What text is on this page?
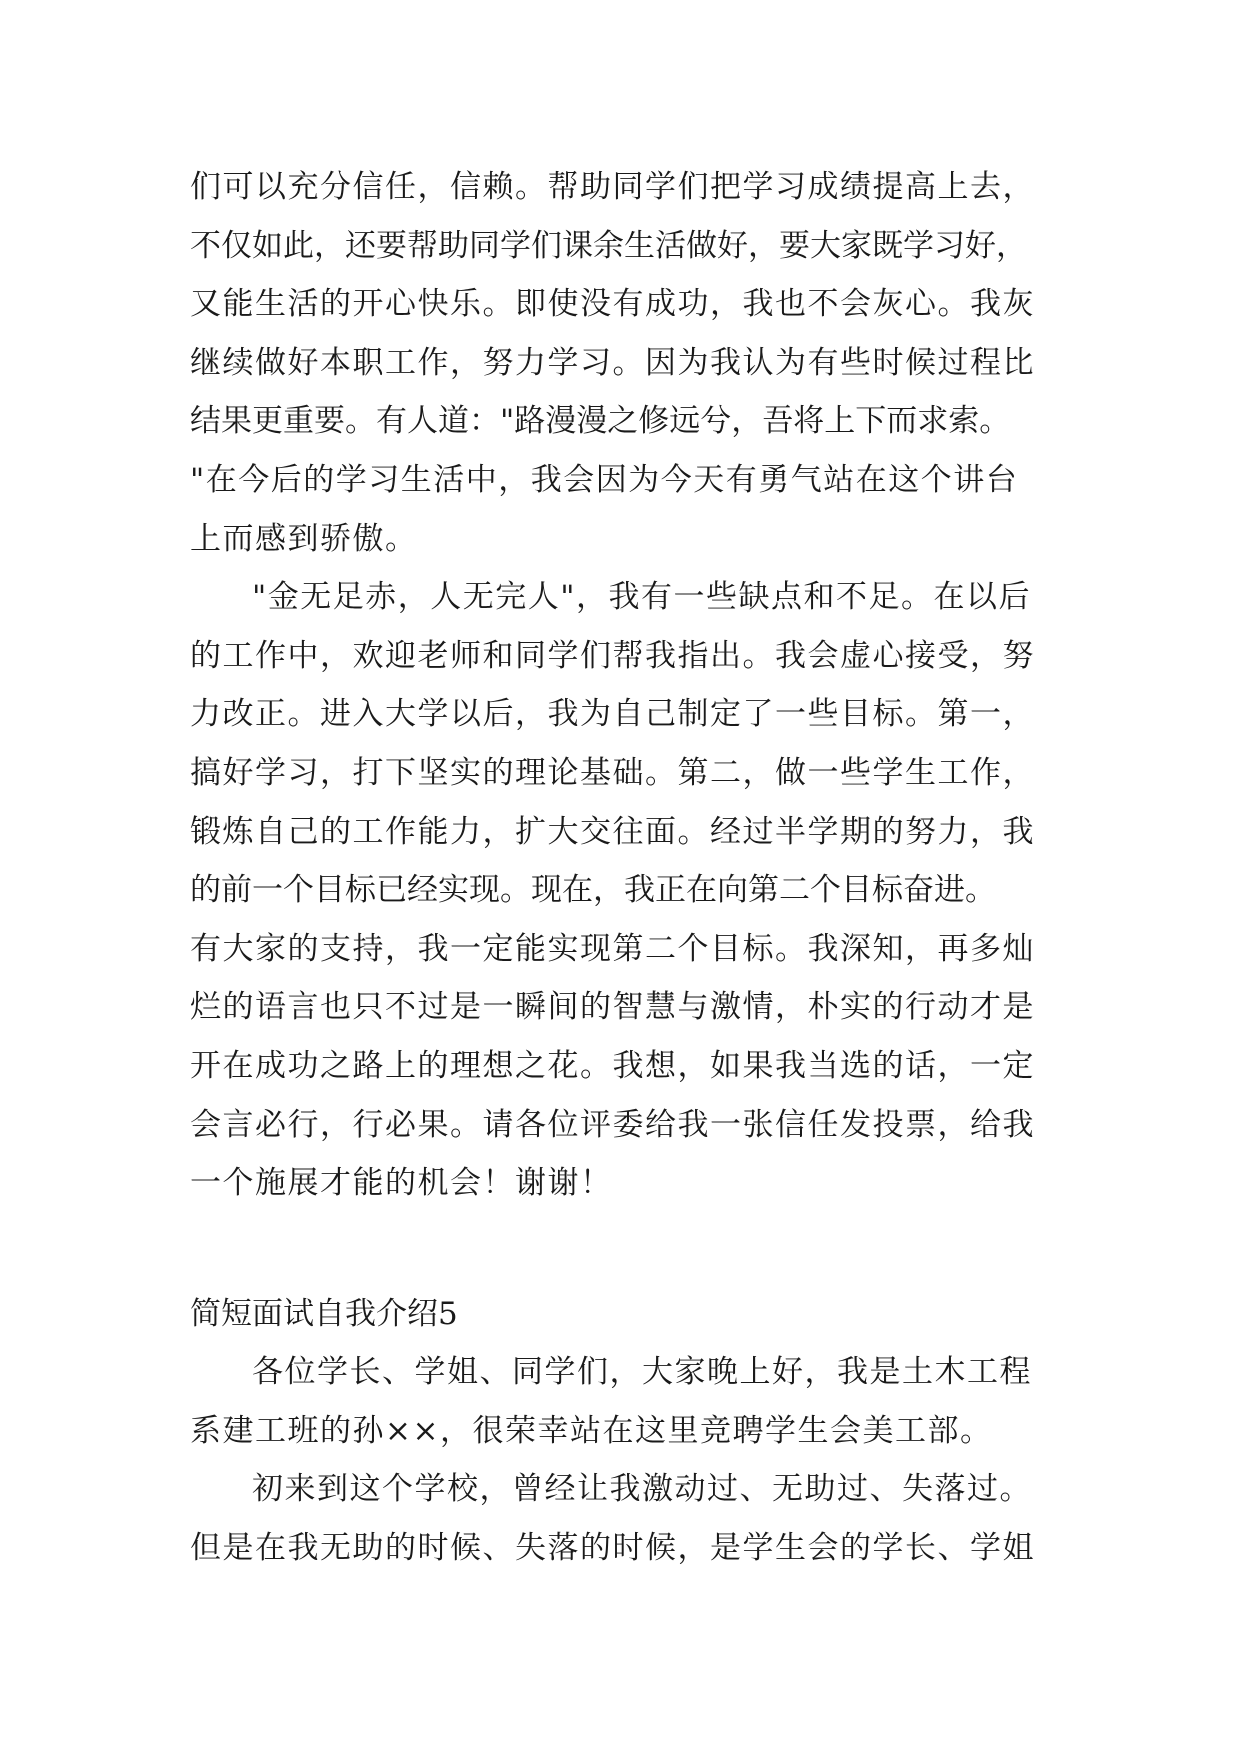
们可以充分信任，信赖。帮助同学们把学习成绩提高上去，
不仅如此，还要帮助同学们课余生活做好，要大家既学习好，
又能生活的开心快乐。即使没有成功，我也不会灰心。我灰
继续做好本职工作，努力学习。因为我认为有些时候过程比
结果更重要。有人道："路漫漫之修远兮，吾将上下而求索。
"在今后的学习生活中，我会因为今天有勇气站在这个讲台
上而感到骄傲。
"金无足赤，人无完人"，我有一些缺点和不足。在以后
的工作中，欢迎老师和同学们帮我指出。我会虚心接受，努
力改正。进入大学以后，我为自己制定了一些目标。第一，
搞好学习，打下坚实的理论基础。第二，做一些学生工作，
锻炼自己的工作能力，扩大交往面。经过半学期的努力，我
的前一个目标已经实现。现在，我正在向第二个目标奋进。
有大家的支持，我一定能实现第二个目标。我深知，再多灿
烂的语言也只不过是一瞬间的智慧与激情，朴实的行动才是
开在成功之路上的理想之花。我想，如果我当选的话，一定
会言必行，行必果。请各位评委给我一张信任发投票，给我
一个施展才能的机会！谢谢！
简短面试自我介绍5
各位学长、学姐、同学们，大家晚上好，我是土木工程
系建工班的孙××，很荣幸站在这里竞聘学生会美工部。
初来到这个学校，曾经让我激动过、无助过、失落过。
但是在我无助的时候、失落的时候，是学生会的学长、学姐
